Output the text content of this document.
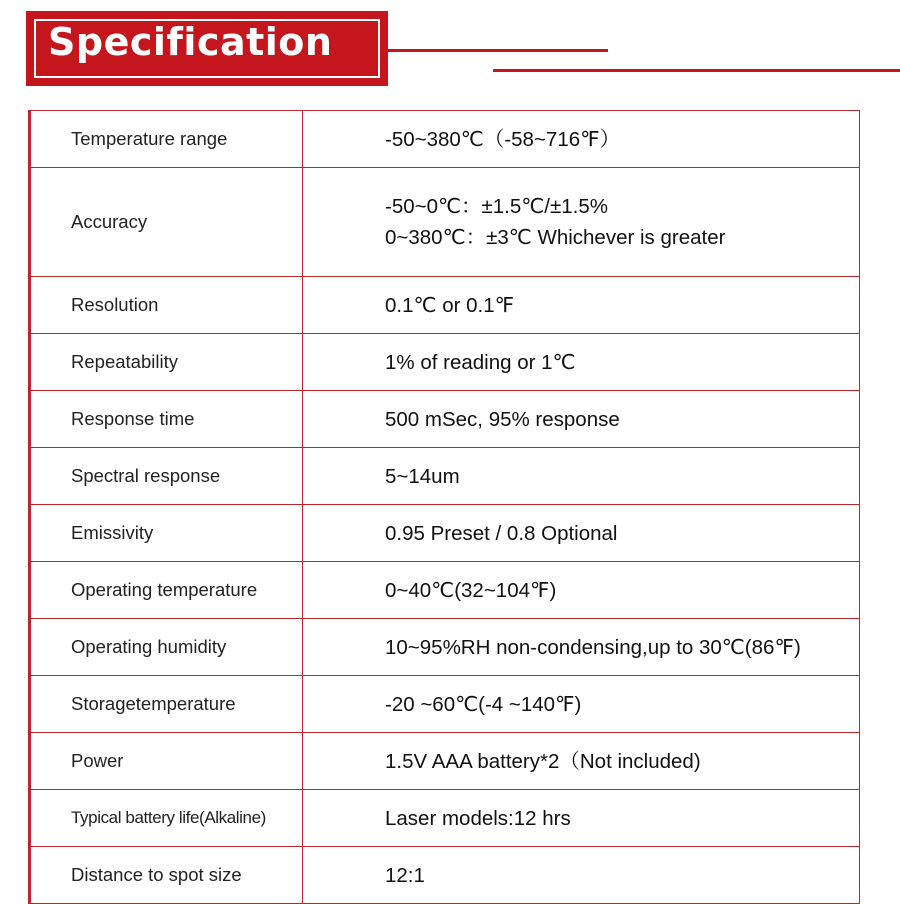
Specification
Temperature range	-50~380℃（-58~716℉）

Accuracy	-50~0℃：±1.5℃/±1.5%
0~380℃：±3℃ Whichever is greater

Resolution	0.1℃ or 0.1℉

Repeatability	1% of reading or 1℃

Response time	500 mSec, 95% response

Spectral response	5~14um

Emissivity	0.95 Preset / 0.8 Optional

Operating temperature	0~40℃(32~104℉)

Operating humidity	10~95%RH non-condensing,up to 30℃(86℉)

Storagetemperature	-20 ~60℃(-4 ~140℉)

Power	1.5V AAA battery*2（Not included)

Typical battery life(Alkaline)	Laser models:12 hrs

Distance to spot size	12:1
